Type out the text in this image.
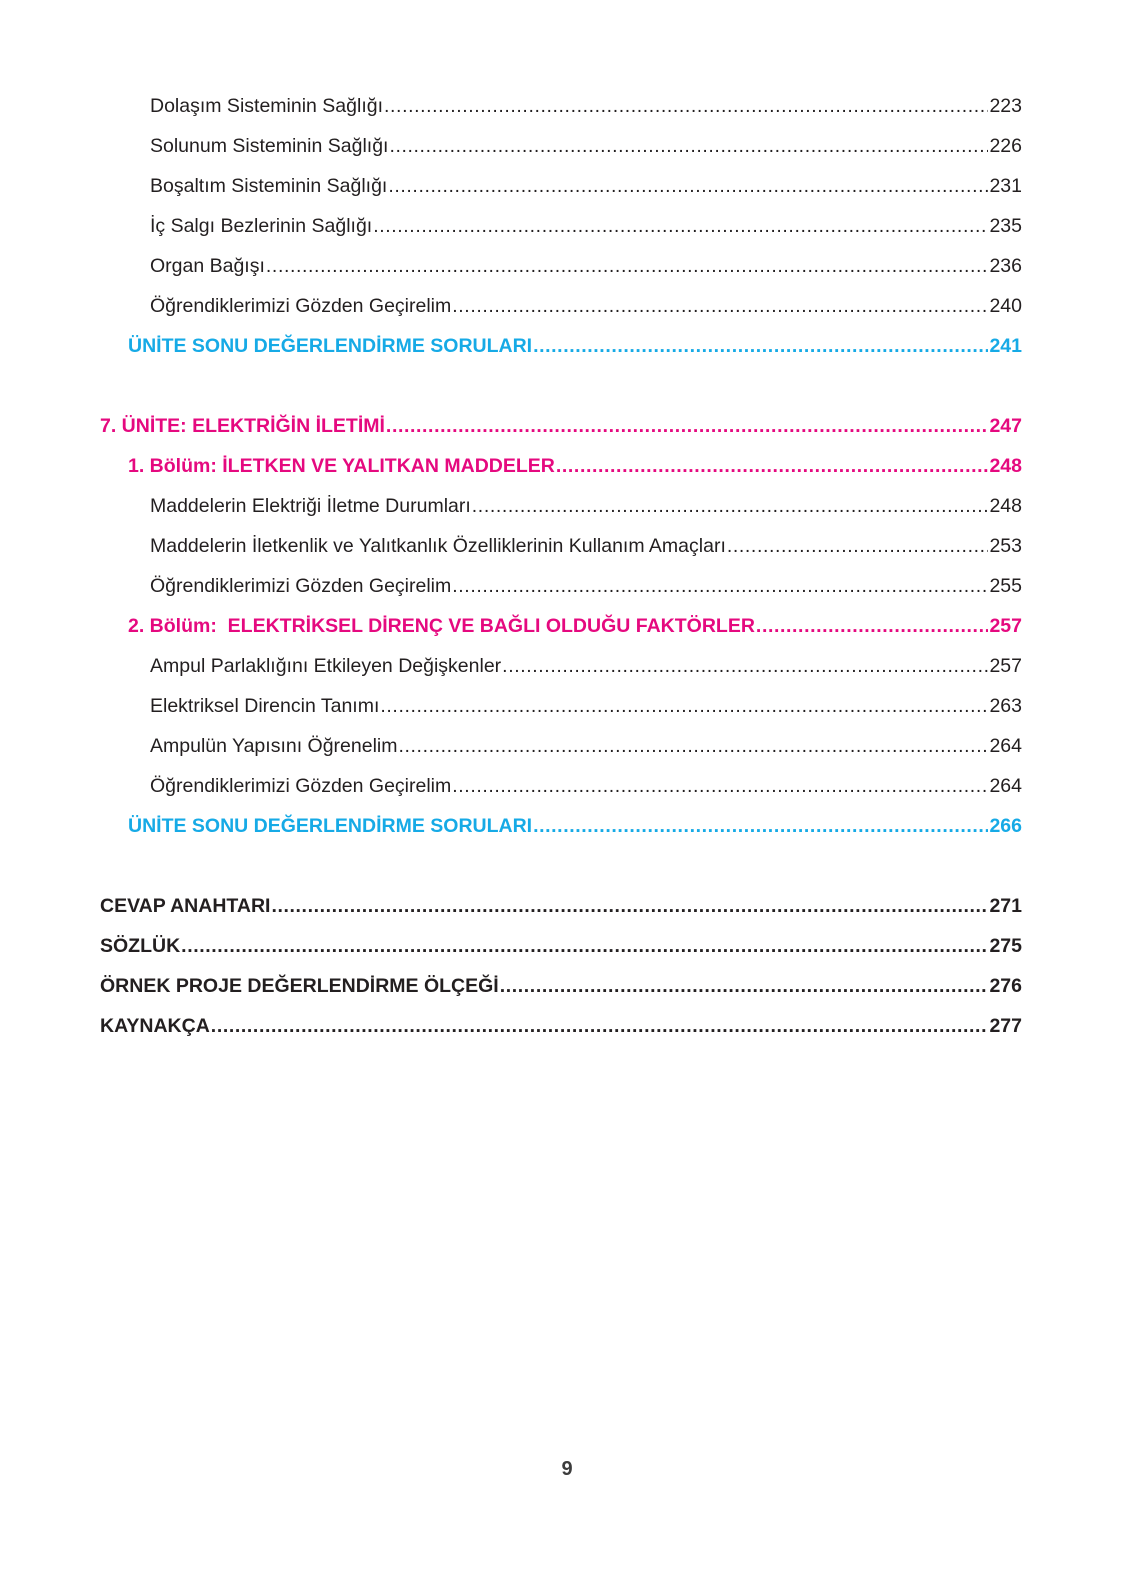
Dolaşım Sisteminin Sağlığı .....	223
Solunum Sisteminin Sağlığı .....	226
Boşaltım Sisteminin Sağlığı .....	231
İç Salgı Bezlerinin Sağlığı .....	235
Organ Bağışı .....	236
Öğrendiklerimizi Gözden Geçirelim .....	240
ÜNİTE SONU DEĞERLENDİRME SORULARI .....	241
7. ÜNİTE: ELEKTRİĞİN İLETİMİ .....	247
1. Bölüm: İLETKEN VE YALITKAN MADDELER .....	248
Maddelerin Elektriği İletme Durumları .....	248
Maddelerin İletkenlik ve Yalıtkanlık Özelliklerinin Kullanım Amaçları .....	253
Öğrendiklerimizi Gözden Geçirelim .....	255
2. Bölüm:  ELEKTRİKSEL DİRENÇ VE BAĞLI OLDUĞU FAKTÖRLER .....	257
Ampul Parlaklığını Etkileyen Değişkenler .....	257
Elektriksel Direncin Tanımı .....	263
Ampulün Yapısını Öğrenelim .....	264
Öğrendiklerimizi Gözden Geçirelim .....	264
ÜNİTE SONU DEĞERLENDİRME SORULARI .....	266
CEVAP ANAHTARI .....	271
SÖZLÜK .....	275
ÖRNEK PROJE DEĞERLENDİRME ÖLÇEĞİ .....	276
KAYNAKÇA .....	277
9
